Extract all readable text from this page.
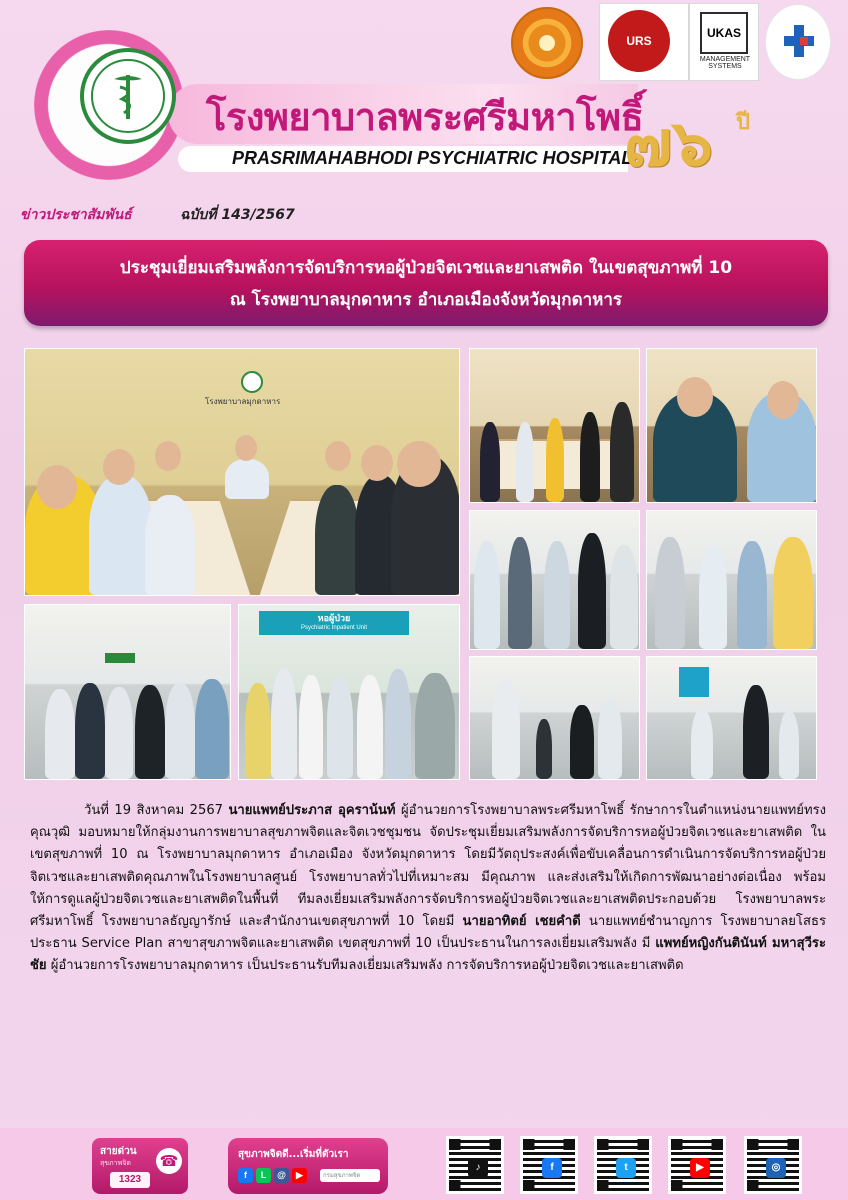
โรงพยาบาลพระศรีมหาโพธิ์
PRASRIMAHABHODI PSYCHIATRIC HOSPITAL
๗๖ ปี
URS
UKAS
MANAGEMENT SYSTEMS
ข่าวประชาสัมพันธ์	ฉบับที่ 143/2567
ประชุมเยี่ยมเสริมพลังการจัดบริการหอผู้ป่วยจิตเวชและยาเสพติด ในเขตสุขภาพที่ 10
ณ โรงพยาบาลมุกดาหาร อำเภอเมืองจังหวัดมุกดาหาร
โรงพยาบาลมุกดาหาร
หอผู้ป่วย
Psychiatric Inpatient Unit
วันที่ 19 สิงหาคม 2567 นายแพทย์ประภาส อุคราน้นท์ ผู้อำนวยการโรงพยาบาลพระศรีมหาโพธิ์ รักษาการในตำแหน่งนายแพทย์ทรงคุณวุฒิ มอบหมายให้กลุ่มงานการพยาบาลสุขภาพจิตและจิตเวชชุมชน จัดประชุมเยี่ยมเสริมพลังการจัดบริการหอผู้ป่วยจิตเวชและยาเสพติด ในเขตสุขภาพที่ 10 ณ โรงพยาบาลมุกดาหาร อำเภอเมือง จังหวัดมุกดาหาร โดยมีวัตถุประสงค์เพื่อขับเคลื่อนการดำเนินการจัดบริการหอผู้ป่วยจิตเวชและยาเสพติดคุณภาพในโรงพยาบาลศูนย์ โรงพยาบาลทั่วไปที่เหมาะสม มีคุณภาพ และส่งเสริมให้เกิดการพัฒนาอย่างต่อเนื่อง พร้อมให้การดูแลผู้ป่วยจิตเวชและยาเสพติดในพื้นที่ ทีมลงเยี่ยมเสริมพลังการจัดบริการหอผู้ป่วยจิตเวชและยาเสพติดประกอบด้วย โรงพยาบาลพระศรีมหาโพธิ์ โรงพยาบาลธัญญารักษ์ และสำนักงานเขตสุขภาพที่ 10 โดยมี นายอาทิตย์ เชยคำดี นายแพทย์ชำนาญการ โรงพยาบาลยโสธร ประธาน Service Plan สาขาสุขภาพจิตและยาเสพติด เขตสุขภาพที่ 10 เป็นประธานในการลงเยี่ยมเสริมพลัง มี แพทย์หญิงกันตินันท์ มหาสุวีระชัย ผู้อำนวยการโรงพยาบาลมุกดาหาร เป็นประธานรับทีมลงเยี่ยมเสริมพลัง การจัดบริการหอผู้ป่วยจิตเวชและยาเสพติด
สายด่วน
สุขภาพจิต
1323
☎	สุขภาพจิตดี...เริ่มที่ตัวเรา
f	L	@	▶	กรมสุขภาพจิต
♪	f	t	▶	◎
